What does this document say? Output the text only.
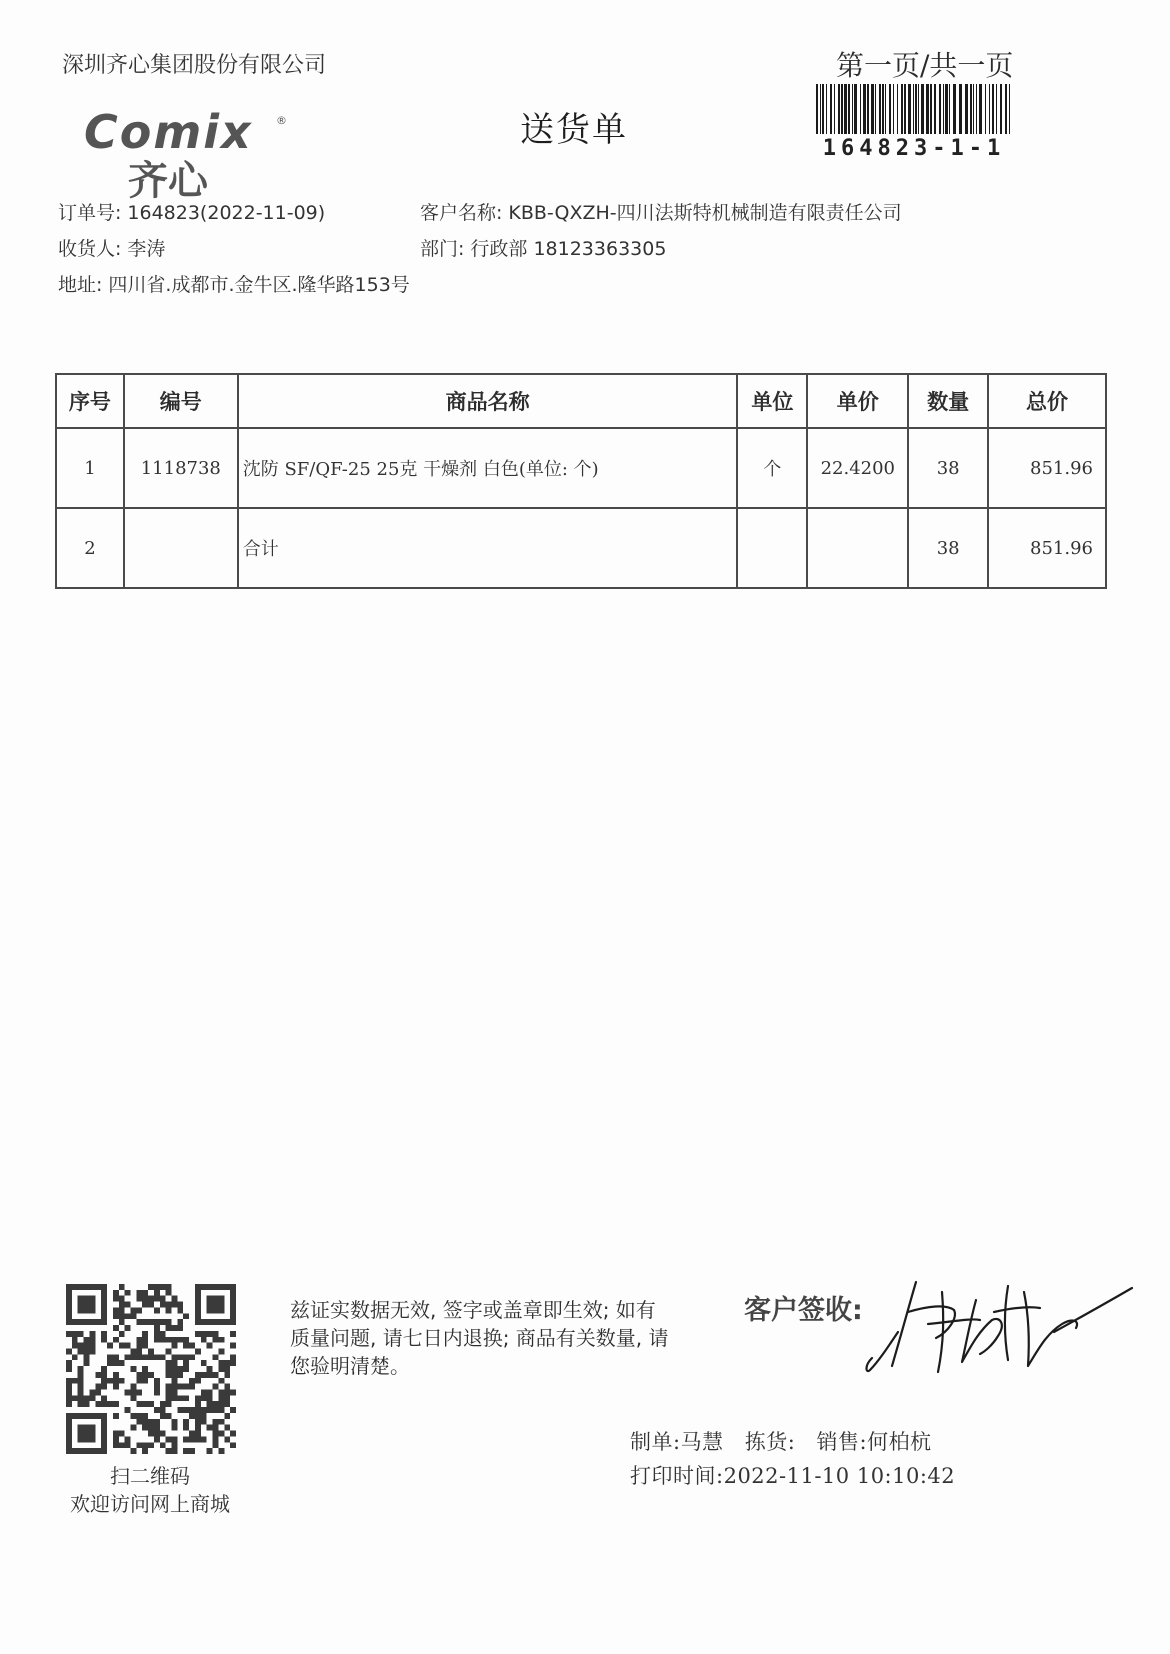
深圳齐心集团股份有限公司	第一页/共一页
164823-1-1
Comix ®
齐心
送货单
订单号: 164823(2022-11-09)	客户名称: KBB-QXZH-四川法斯特机械制造有限责任公司
收货人: 李涛	部门: 行政部 18123363305
地址: 四川省.成都市.金牛区.隆华路153号
序号	编号	商品名称	单位	单价	数量	总价
1	1118738	沈防 SF/QF-25 25克 干燥剂 白色(单位: 个)	个	22.4200	38	851.96
2		合计			38	851.96
扫二维码
欢迎访问网上商城
兹证实数据无效, 签字或盖章即生效; 如有质量问题, 请七日内退换; 商品有关数量, 请您验明清楚。
客户签收:
制单:马慧 拣货: 销售:何柏杭
打印时间:2022-11-10 10:10:42
